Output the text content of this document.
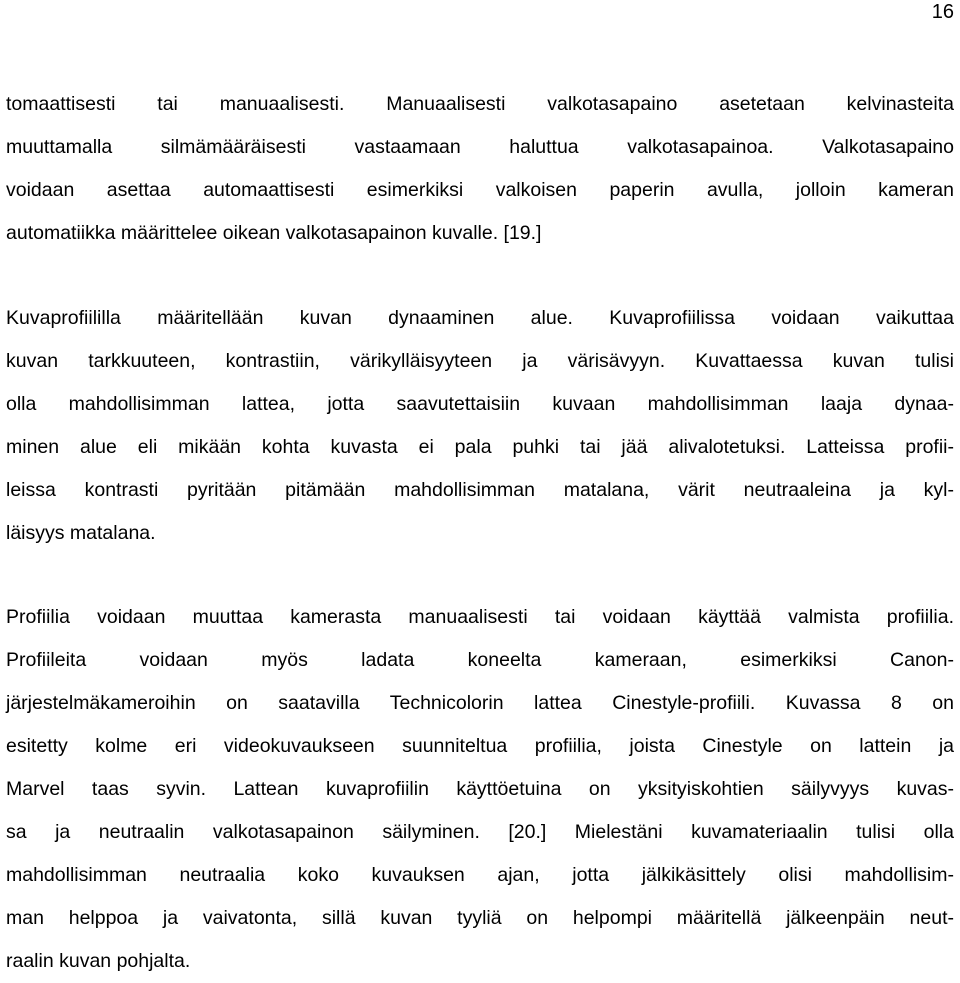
16
tomaattisesti tai manuaalisesti. Manuaalisesti valkotasapaino asetetaan kelvinasteita
muuttamalla silmämääräisesti vastaamaan haluttua valkotasapainoa. Valkotasapaino
voidaan asettaa automaattisesti esimerkiksi valkoisen paperin avulla, jolloin kameran
automatiikka määrittelee oikean valkotasapainon kuvalle. [19.]
Kuvaprofiililla määritellään kuvan dynaaminen alue. Kuvaprofiilissa voidaan vaikuttaa
kuvan tarkkuuteen, kontrastiin, värikylläisyyteen ja värisävyyn. Kuvattaessa kuvan tulisi
olla mahdollisimman lattea, jotta saavutettaisiin kuvaan mahdollisimman laaja dynaa-
minen alue eli mikään kohta kuvasta ei pala puhki tai jää alivalotetuksi. Latteissa profii-
leissa kontrasti pyritään pitämään mahdollisimman matalana, värit neutraaleina ja kyl-
läisyys matalana.
Profiilia voidaan muuttaa kamerasta manuaalisesti tai voidaan käyttää valmista profiilia.
Profiileita voidaan myös ladata koneelta kameraan, esimerkiksi Canon-
järjestelmäkameroihin on saatavilla Technicolorin lattea Cinestyle-profiili. Kuvassa 8 on
esitetty kolme eri videokuvaukseen suunniteltua profiilia, joista Cinestyle on lattein ja
Marvel taas syvin. Lattean kuvaprofiilin käyttöetuina on yksityiskohtien säilyvyys kuvas-
sa ja neutraalin valkotasapainon säilyminen. [20.] Mielestäni kuvamateriaalin tulisi olla
mahdollisimman neutraalia koko kuvauksen ajan, jotta jälkikäsittely olisi mahdollisim-
man helppoa ja vaivatonta, sillä kuvan tyyliä on helpompi määritellä jälkeenpäin neut-
raalin kuvan pohjalta.
